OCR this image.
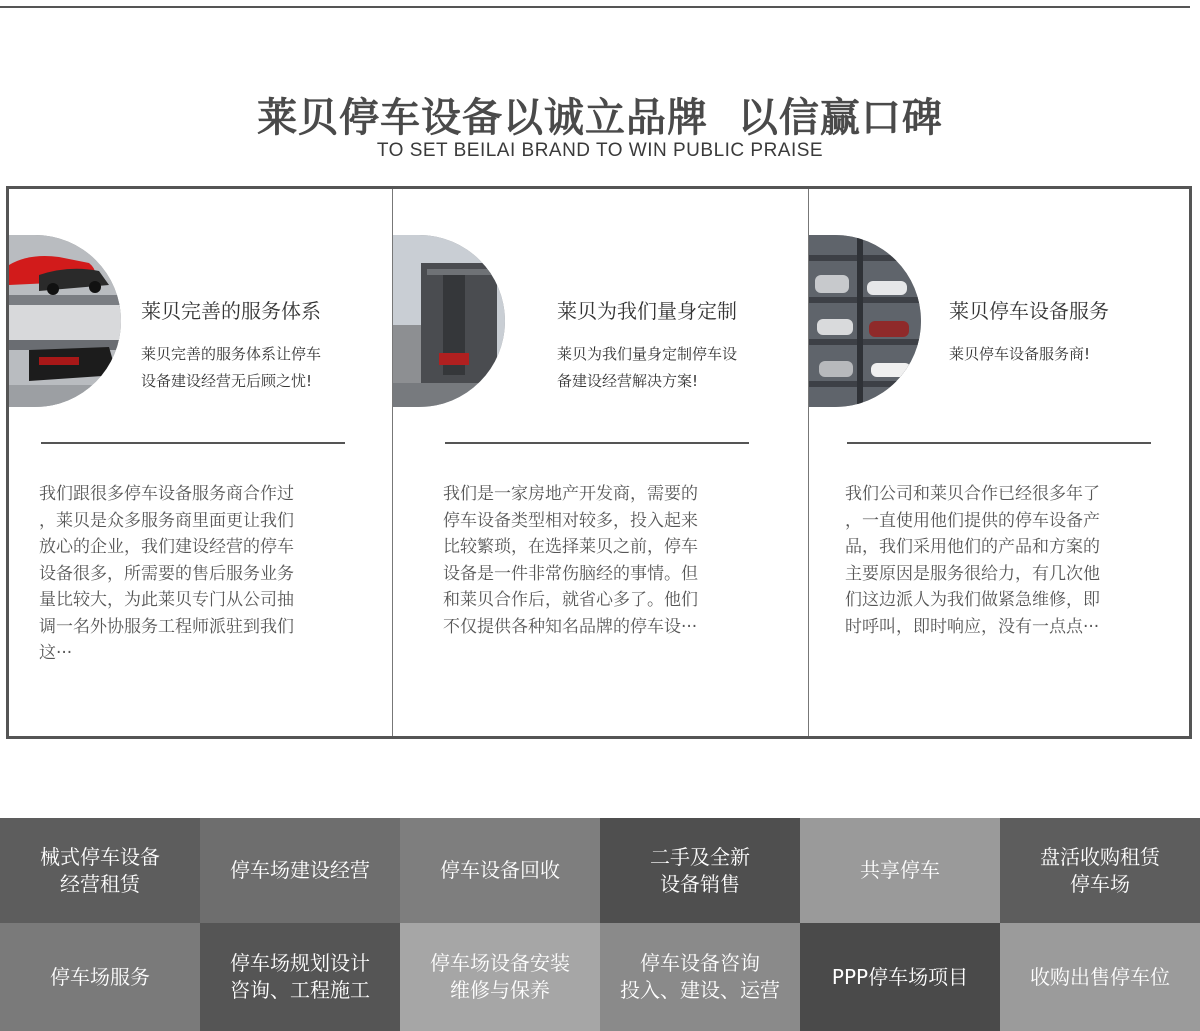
莱贝停车设备以诚立品牌  以信赢口碑
TO SET BEILAI BRAND TO WIN PUBLIC PRAISE
莱贝完善的服务体系
莱贝完善的服务体系让停车
设备建设经营无后顾之忧!
我们跟很多停车设备服务商合作过
，莱贝是众多服务商里面更让我们
放心的企业，我们建设经营的停车
设备很多，所需要的售后服务业务
量比较大，为此莱贝专门从公司抽
调一名外协服务工程师派驻到我们
这···
莱贝为我们量身定制
莱贝为我们量身定制停车设
备建设经营解决方案!
我们是一家房地产开发商，需要的
停车设备类型相对较多，投入起来
比较繁琐，在选择莱贝之前，停车
设备是一件非常伤脑经的事情。但
和莱贝合作后，就省心多了。他们
不仅提供各种知名品牌的停车设···
莱贝停车设备服务
莱贝停车设备服务商!
我们公司和莱贝合作已经很多年了
，一直使用他们提供的停车设备产
品，我们采用他们的产品和方案的
主要原因是服务很给力，有几次他
们这边派人为我们做紧急维修，即
时呼叫，即时响应，没有一点点···
械式停车设备
经营租赁
停车场建设经营	停车设备回收
二手及全新
设备销售
共享停车
盘活收购租赁
停车场
停车场服务
停车场规划设计
咨询、工程施工
停车场设备安装
维修与保养
停车设备咨询
投入、建设、运营
PPP停车场项目	收购出售停车位
